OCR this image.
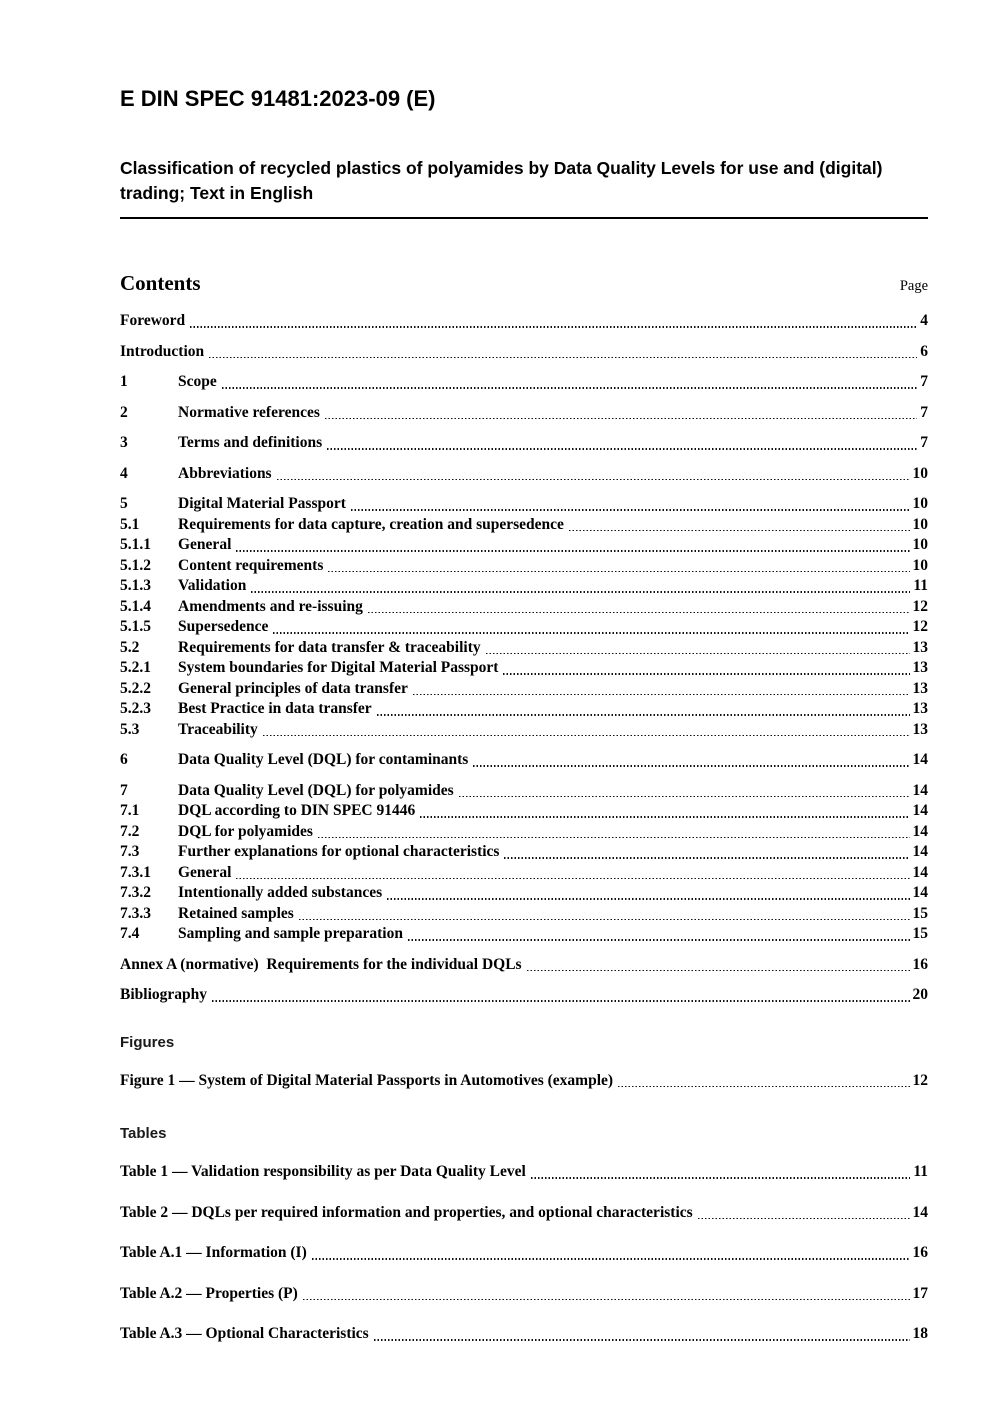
E DIN SPEC 91481:2023-09 (E)
Classification of recycled plastics of polyamides by Data Quality Levels for use and (digital) trading; Text in English
Contents	Page
Foreword	4
Introduction	6
1	Scope	7
2	Normative references	7
3	Terms and definitions	7
4	Abbreviations	10
5	Digital Material Passport	10
5.1	Requirements for data capture, creation and supersedence	10
5.1.1	General	10
5.1.2	Content requirements	10
5.1.3	Validation	11
5.1.4	Amendments and re-issuing	12
5.1.5	Supersedence	12
5.2	Requirements for data transfer & traceability	13
5.2.1	System boundaries for Digital Material Passport	13
5.2.2	General principles of data transfer	13
5.2.3	Best Practice in data transfer	13
5.3	Traceability	13
6	Data Quality Level (DQL) for contaminants	14
7	Data Quality Level (DQL) for polyamides	14
7.1	DQL according to DIN SPEC 91446	14
7.2	DQL for polyamides	14
7.3	Further explanations for optional characteristics	14
7.3.1	General	14
7.3.2	Intentionally added substances	14
7.3.3	Retained samples	15
7.4	Sampling and sample preparation	15
Annex A (normative)  Requirements for the individual DQLs	16
Bibliography	20
Figures
Figure 1 — System of Digital Material Passports in Automotives (example)	12
Tables
Table 1 — Validation responsibility as per Data Quality Level	11
Table 2 — DQLs per required information and properties, and optional characteristics	14
Table A.1 — Information (I)	16
Table A.2 — Properties (P)	17
Table A.3 — Optional Characteristics	18
